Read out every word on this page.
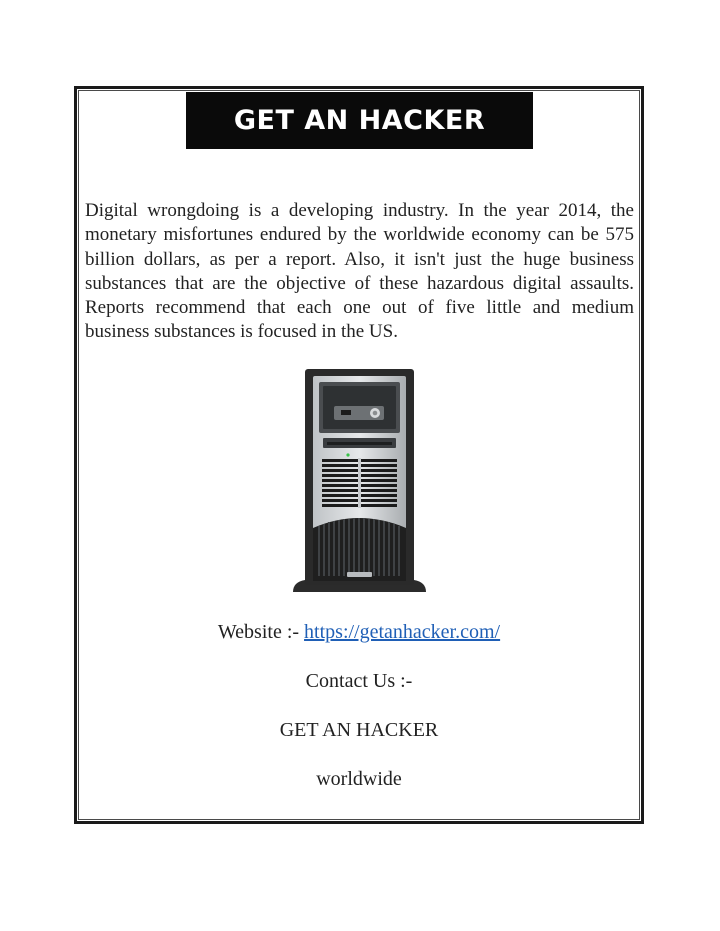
GET AN HACKER

Digital wrongdoing is a developing industry. In the year 2014, the monetary misfortunes endured by the worldwide economy can be 575 billion dollars, as per a report. Also, it isn't just the huge business substances that are the objective of these hazardous digital assaults. Reports recommend that each one out of five little and medium business substances is focused in the US.

Website :- https://getanhacker.com/

Contact Us :-

GET AN HACKER

worldwide
